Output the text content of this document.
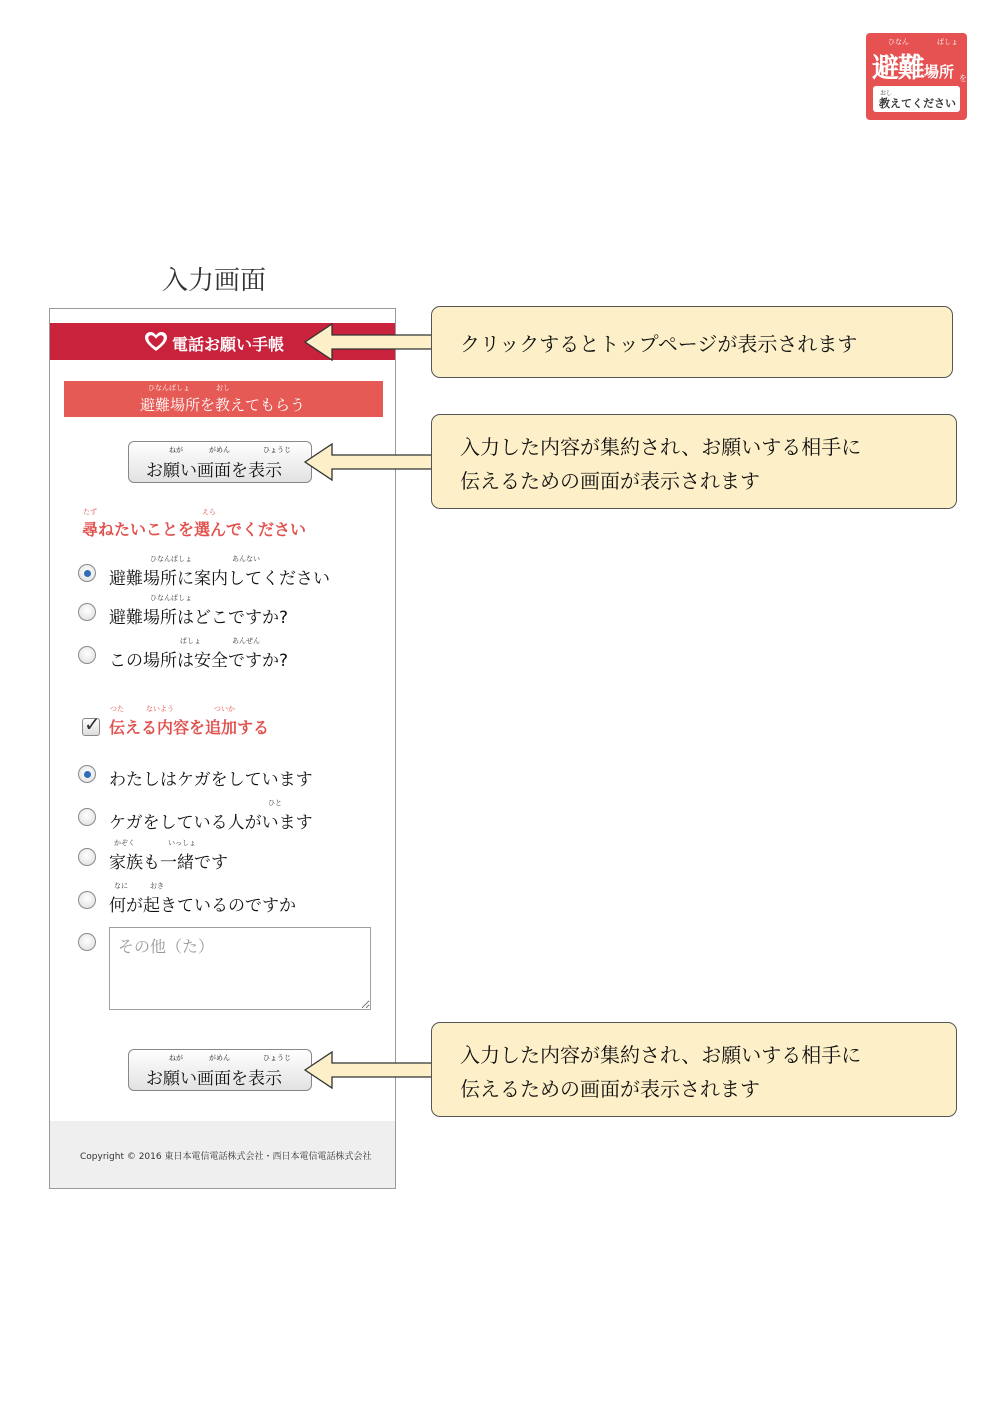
ひなん	ばしょ
避難場所 を
おし
教えてください
入力画面
電話お願い手帳
ひなんばしょ	おし
避難場所を教えてもらう
ねが	がめん	ひょうじ
お願い画面を表示
たず	えら
尋ねたいことを選んでください
ひなんばしょ	あんない
避難場所に案内してください
ひなんばしょ
避難場所はどこですか?
ばしょ	あんぜん
この場所は安全ですか?
✓
つた	ないよう	ついか
伝える内容を追加する
わたしはケガをしています
ひと
ケガをしている人がいます
かぞく	いっしょ
家族も一緒です
なに	おき
何が起きているのですか
その他（た）
ねが	がめん	ひょうじ
お願い画面を表示
Copyright © 2016 東日本電信電話株式会社・西日本電信電話株式会社
クリックするとトップページが表示されます
入力した内容が集約され、お願いする相手に
伝えるための画面が表示されます
入力した内容が集約され、お願いする相手に
伝えるための画面が表示されます
